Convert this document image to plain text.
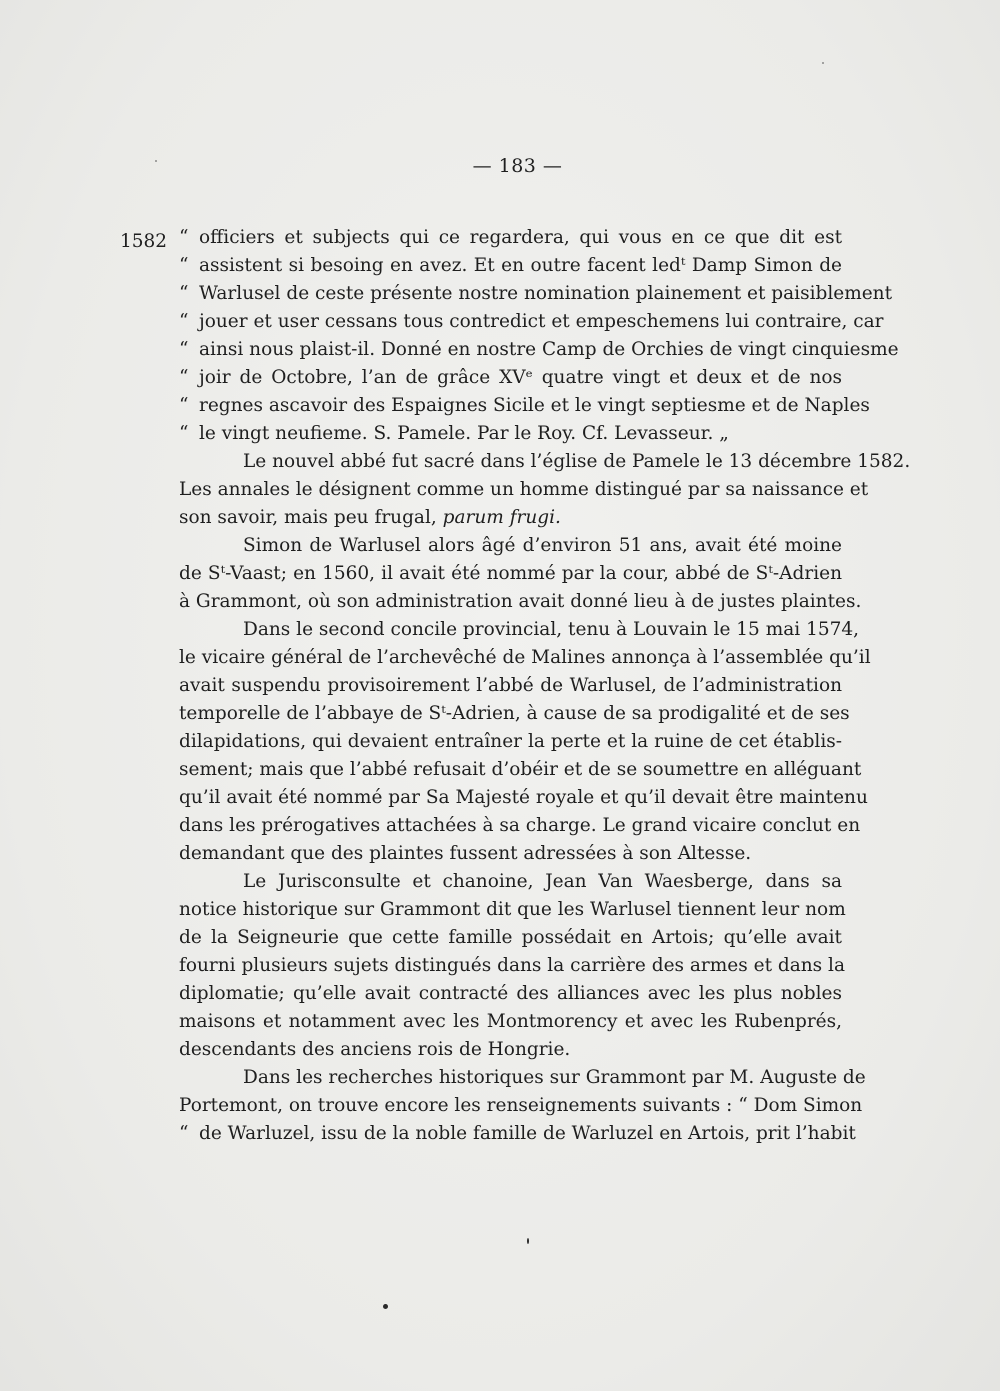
— 183 —
1582 “ officiers et subjects qui ce regardera, qui vous en ce que dit est
“ assistent si besoing en avez. Et en outre facent ledᵗ Damp Simon de
“ Warlusel de ceste présente nostre nomination plainement et paisiblement
“ jouer et user cessans tous contredict et empeschemens lui contraire, car
“ ainsi nous plaist-il. Donné en nostre Camp de Orchies de vingt cinquiesme
“ joir de Octobre, l’an de grâce XVᵉ quatre vingt et deux et de nos
“ regnes ascavoir des Espaignes Sicile et le vingt septiesme et de Naples
“ le vingt neufieme. S. Pamele. Par le Roy. Cf. Levasseur. „
Le nouvel abbé fut sacré dans l’église de Pamele le 13 décembre 1582.
Les annales le désignent comme un homme distingué par sa naissance et
son savoir, mais peu frugal, parum frugi.
Simon de Warlusel alors âgé d’environ 51 ans, avait été moine
de Sᵗ-Vaast; en 1560, il avait été nommé par la cour, abbé de Sᵗ-Adrien
à Grammont, où son administration avait donné lieu à de justes plaintes.
Dans le second concile provincial, tenu à Louvain le 15 mai 1574,
le vicaire général de l’archevêché de Malines annonça à l’assemblée qu’il
avait suspendu provisoirement l’abbé de Warlusel, de l’administration
temporelle de l’abbaye de Sᵗ-Adrien, à cause de sa prodigalité et de ses
dilapidations, qui devaient entraîner la perte et la ruine de cet établis-
sement; mais que l’abbé refusait d’obéir et de se soumettre en alléguant
qu’il avait été nommé par Sa Majesté royale et qu’il devait être maintenu
dans les prérogatives attachées à sa charge. Le grand vicaire conclut en
demandant que des plaintes fussent adressées à son Altesse.
Le Jurisconsulte et chanoine, Jean Van Waesberge, dans sa
notice historique sur Grammont dit que les Warlusel tiennent leur nom
de la Seigneurie que cette famille possédait en Artois; qu’elle avait
fourni plusieurs sujets distingués dans la carrière des armes et dans la
diplomatie; qu’elle avait contracté des alliances avec les plus nobles
maisons et notamment avec les Montmorency et avec les Rubenprés,
descendants des anciens rois de Hongrie.
Dans les recherches historiques sur Grammont par M. Auguste de
Portemont, on trouve encore les renseignements suivants : “ Dom Simon
“ de Warluzel, issu de la noble famille de Warluzel en Artois, prit l’habit
